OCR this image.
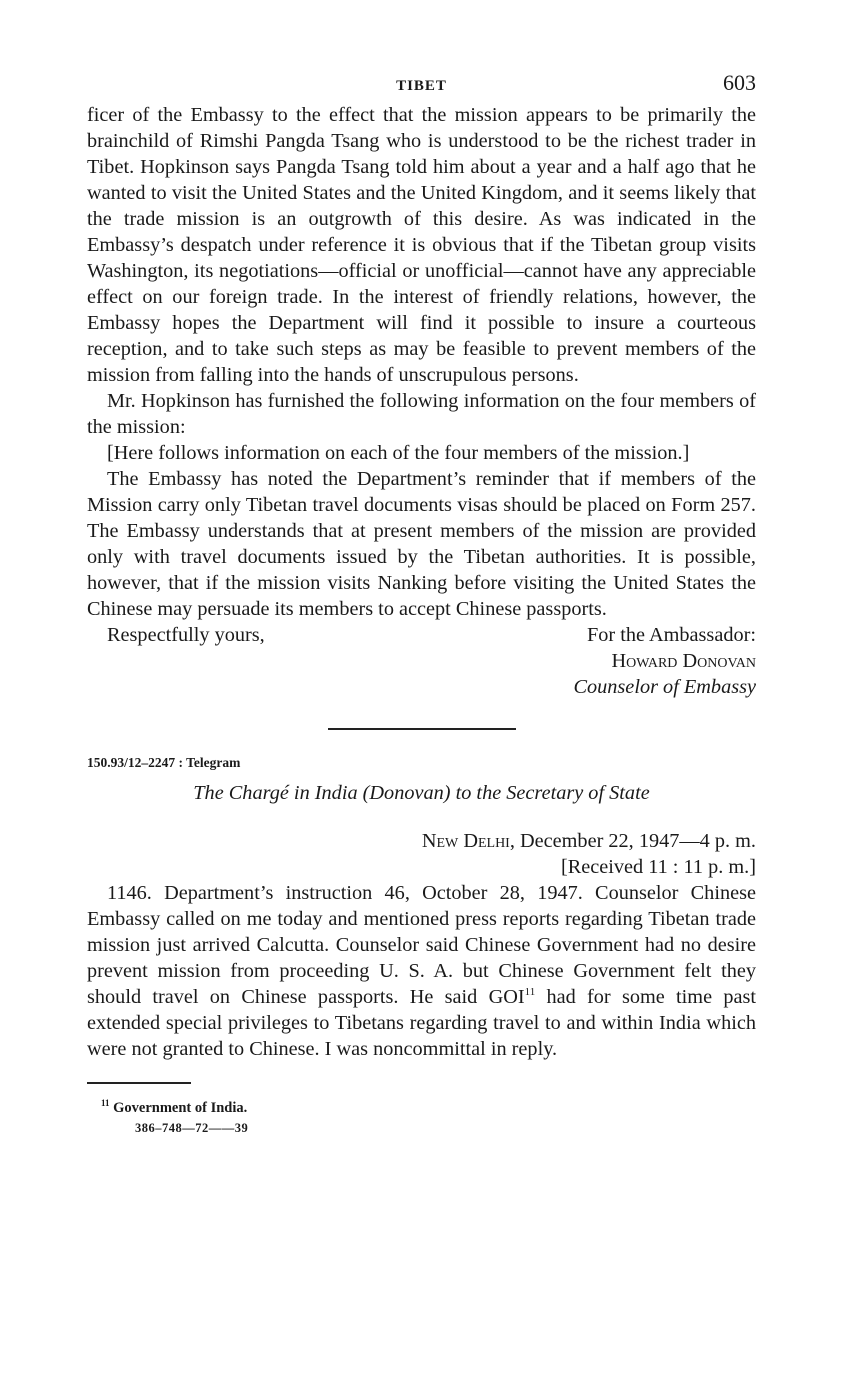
TIBET	603

ficer of the Embassy to the effect that the mission appears to be primarily the brainchild of Rimshi Pangda Tsang who is understood to be the richest trader in Tibet. Hopkinson says Pangda Tsang told him about a year and a half ago that he wanted to visit the United States and the United Kingdom, and it seems likely that the trade mission is an outgrowth of this desire. As was indicated in the Embassy’s despatch under reference it is obvious that if the Tibetan group visits Washington, its negotiations—official or unofficial—cannot have any appreciable effect on our foreign trade. In the interest of friendly relations, however, the Embassy hopes the Department will find it possible to insure a courteous reception, and to take such steps as may be feasible to prevent members of the mission from falling into the hands of unscrupulous persons.

Mr. Hopkinson has furnished the following information on the four members of the mission:

[Here follows information on each of the four members of the mission.]

The Embassy has noted the Department’s reminder that if members of the Mission carry only Tibetan travel documents visas should be placed on Form 257. The Embassy understands that at present members of the mission are provided only with travel documents issued by the Tibetan authorities. It is possible, however, that if the mission visits Nanking before visiting the United States the Chinese may persuade its members to accept Chinese passports.

Respectfully yours,	For the Ambassador:
Howard Donovan
Counselor of Embassy
150.93/12–2247 : Telegram
The Chargé in India (Donovan) to the Secretary of State
New Delhi, December 22, 1947—4 p. m.
[Received 11 : 11 p. m.]

1146. Department’s instruction 46, October 28, 1947. Counselor Chinese Embassy called on me today and mentioned press reports regarding Tibetan trade mission just arrived Calcutta. Counselor said Chinese Government had no desire prevent mission from proceeding U. S. A. but Chinese Government felt they should travel on Chinese passports. He said GOI$^{11}$ had for some time past extended special privileges to Tibetans regarding travel to and within India which were not granted to Chinese. I was noncommittal in reply.

$^{11}$ Government of India.
386–748—72——39
